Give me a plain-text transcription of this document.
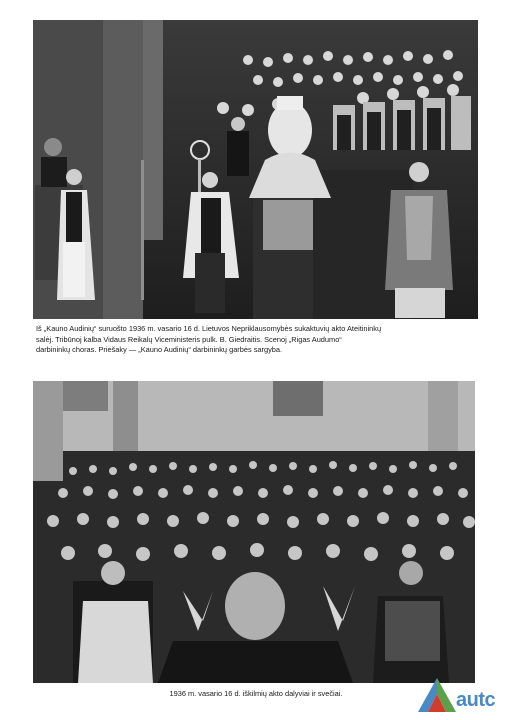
Iš „Kauno Audinių“ suruošto 1936 m. vasario 16 d. Lietuvos Nepriklausomybės sukaktuvių akto Ateitininkų
salėj. Tribūnoj kalba Vidaus Reikalų Viceministeris pulk. B. Giedraitis. Scenoj „Rigas Audumo“
darbininkų choras. Priešaky — „Kauno Audinių“ darbininkų garbės sargyba.

1936 m. vasario 16 d. iškilmių akto dalyviai ir svečiai.	autc
